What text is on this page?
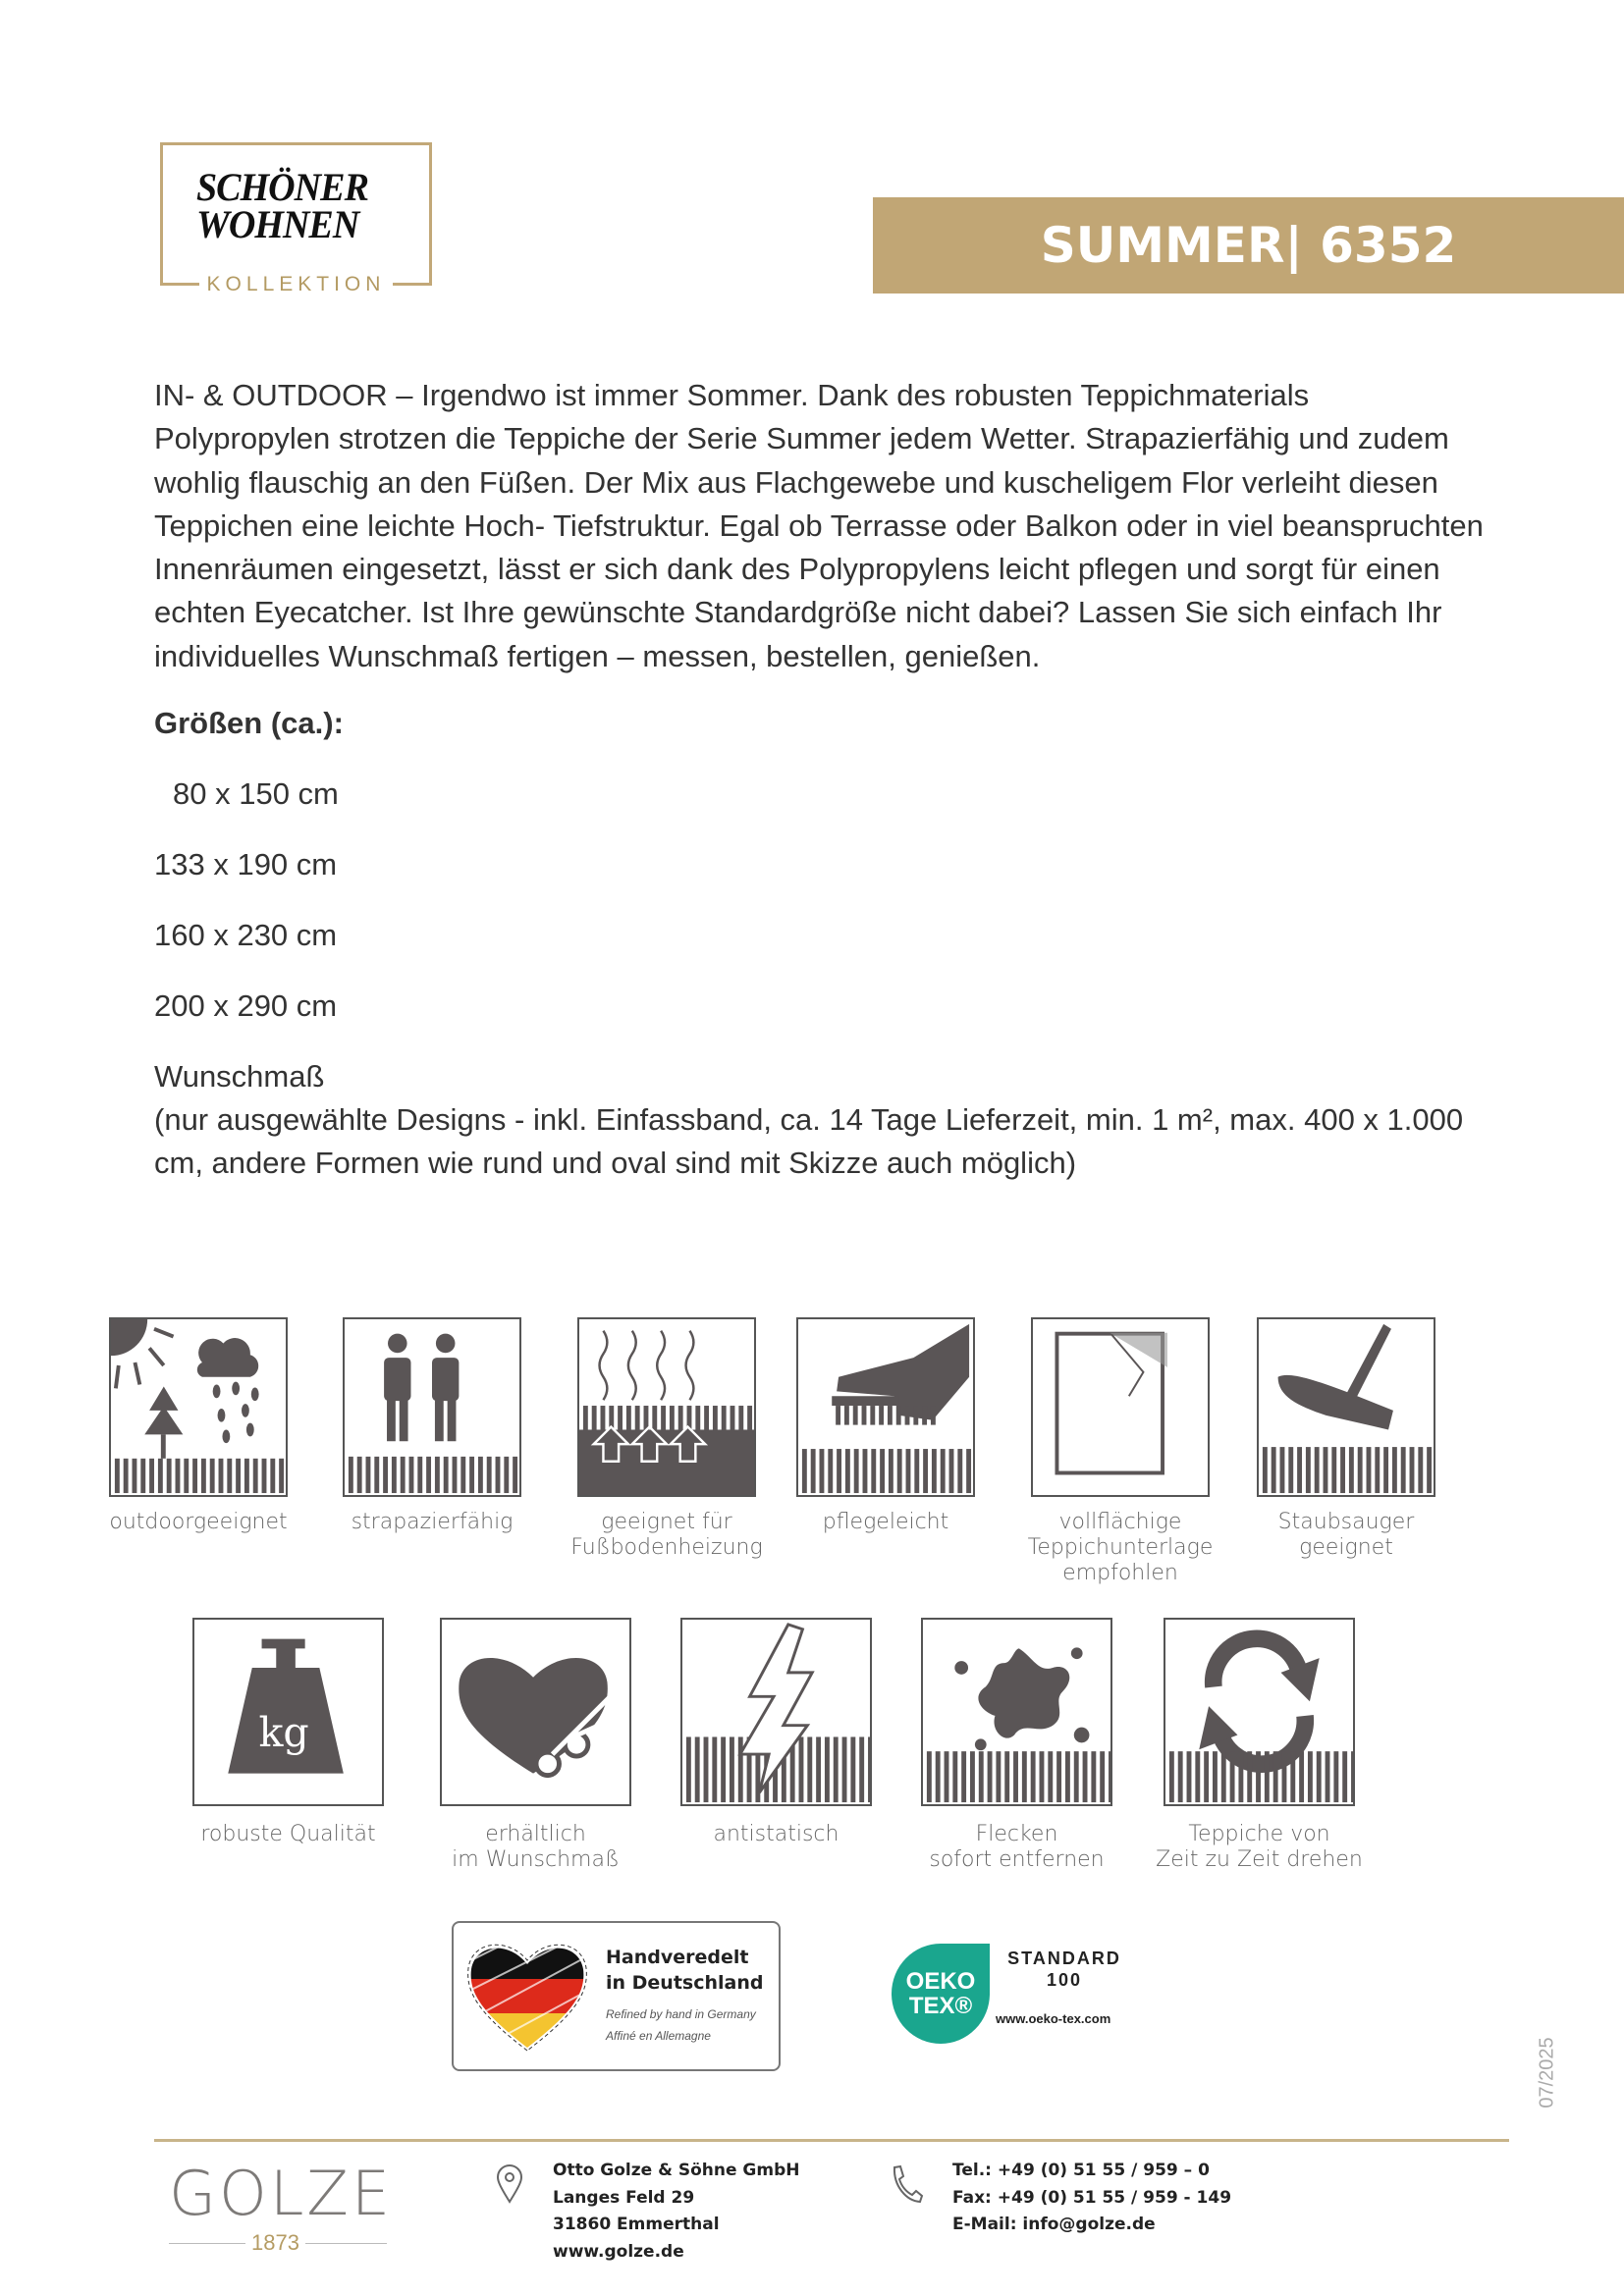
SCHÖNER
WOHNEN
KOLLEKTION
SUMMER| 6352
IN- & OUTDOOR – Irgendwo ist immer Sommer. Dank des robusten Teppichmaterials Polypropylen strotzen die Teppiche der Serie Summer jedem Wetter. Strapazierfähig und zudem wohlig flauschig an den Füßen. Der Mix aus Flachgewebe und kuscheligem Flor verleiht diesen Teppichen eine leichte Hoch- Tiefstruktur. Egal ob Terrasse oder Balkon oder in viel beanspruchten Innenräumen eingesetzt, lässt er sich dank des Polypropylens leicht pflegen und sorgt für einen echten Eyecatcher. Ist Ihre gewünschte Standardgröße nicht dabei? Lassen Sie sich einfach Ihr individuelles Wunschmaß fertigen – messen, bestellen, genießen.
Größen (ca.):
80 x 150 cm
133 x 190 cm
160 x 230 cm
200 x 290 cm
Wunschmaß
(nur ausgewählte Designs - inkl. Einfassband, ca. 14 Tage Lieferzeit, min. 1 m², max. 400 x 1.000 cm, andere Formen wie rund und oval sind mit Skizze auch möglich)
outdoorgeeignet	strapazierfähig	geeignet für
Fußbodenheizung
pflegeleicht	vollflächige
Teppichunterlage
empfohlen
Staubsauger
geeignet
kg
robuste Qualität	erhältlich
im Wunschmaß
antistatisch	Flecken
sofort entfernen
Teppiche von
Zeit zu Zeit drehen
Handveredelt
in Deutschland
Refined by hand in Germany
Affiné en Allemagne
OEKO
TEX®
STANDARD
100
www.oeko-tex.com
07/2025
GOLZE
1873
Otto Golze & Söhne GmbH
Langes Feld 29
31860 Emmerthal
www.golze.de
Tel.: +49 (0) 51 55 / 959 – 0
Fax: +49 (0) 51 55 / 959 - 149
E-Mail: info@golze.de
